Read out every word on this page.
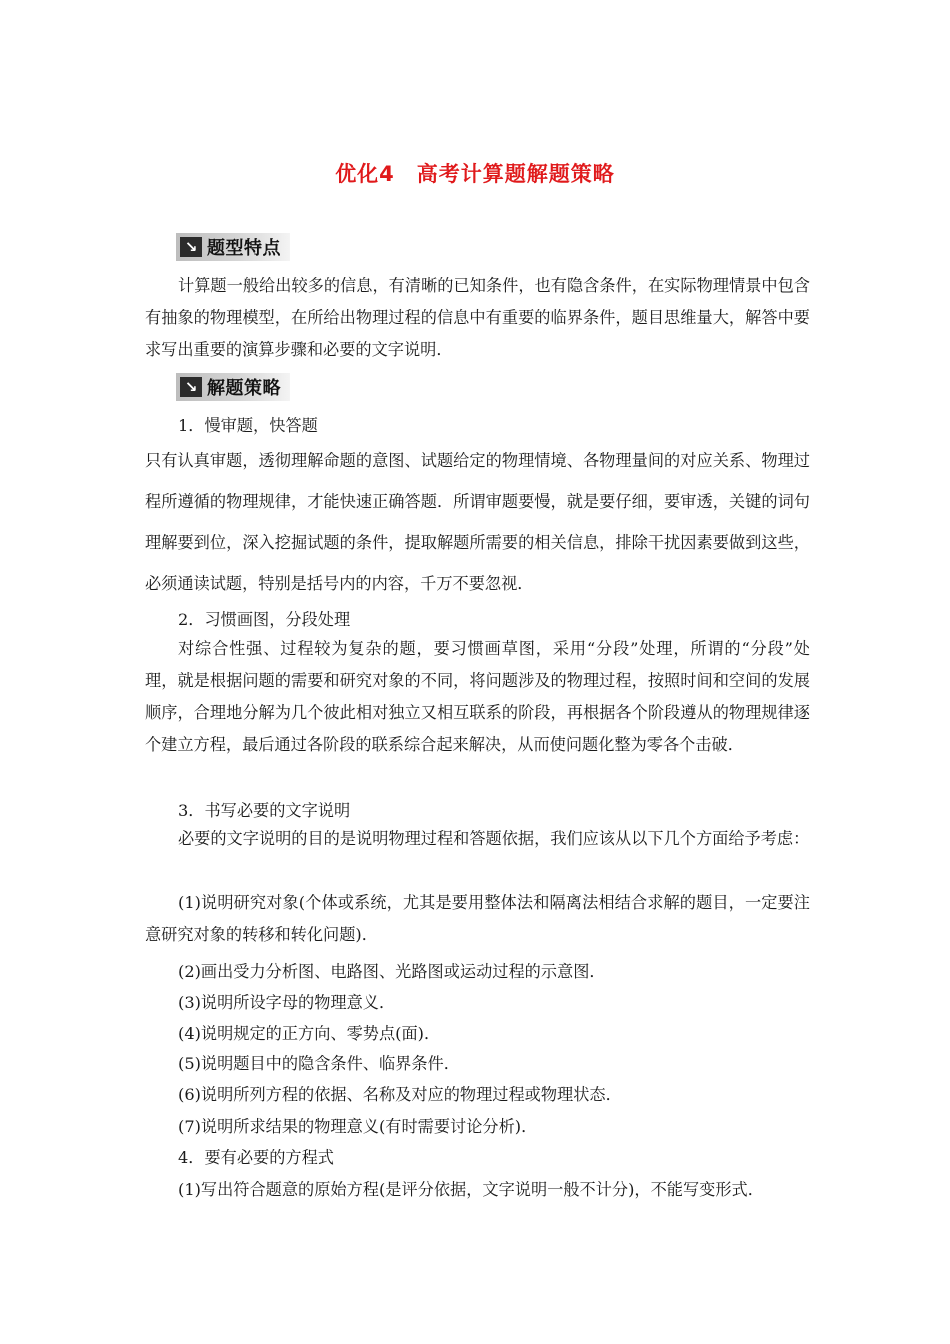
优化4　高考计算题解题策略
↘ 题型特点

计算题一般给出较多的信息，有清晰的已知条件，也有隐含条件，在实际物理情景中包含有抽象的物理模型，在所给出物理过程的信息中有重要的临界条件，题目思维量大，解答中要求写出重要的演算步骤和必要的文字说明．

↘ 解题策略

1．慢审题，快答题

只有认真审题，透彻理解命题的意图、试题给定的物理情境、各物理量间的对应关系、物理过程所遵循的物理规律，才能快速正确答题．所谓审题要慢，就是要仔细，要审透，关键的词句理解要到位，深入挖掘试题的条件，提取解题所需要的相关信息，排除干扰因素要做到这些，必须通读试题，特别是括号内的内容，千万不要忽视．

2．习惯画图，分段处理

对综合性强、过程较为复杂的题，要习惯画草图，采用“分段”处理，所谓的“分段”处理，就是根据问题的需要和研究对象的不同，将问题涉及的物理过程，按照时间和空间的发展顺序，合理地分解为几个彼此相对独立又相互联系的阶段，再根据各个阶段遵从的物理规律逐个建立方程，最后通过各阶段的联系综合起来解决，从而使问题化整为零各个击破．

3．书写必要的文字说明

必要的文字说明的目的是说明物理过程和答题依据，我们应该从以下几个方面给予考虑：

(1)说明研究对象(个体或系统，尤其是要用整体法和隔离法相结合求解的题目，一定要注意研究对象的转移和转化问题)．

(2)画出受力分析图、电路图、光路图或运动过程的示意图．

(3)说明所设字母的物理意义．

(4)说明规定的正方向、零势点(面)．

(5)说明题目中的隐含条件、临界条件．

(6)说明所列方程的依据、名称及对应的物理过程或物理状态．

(7)说明所求结果的物理意义(有时需要讨论分析)．

4．要有必要的方程式

(1)写出符合题意的原始方程(是评分依据，文字说明一般不计分)，不能写变形式．
